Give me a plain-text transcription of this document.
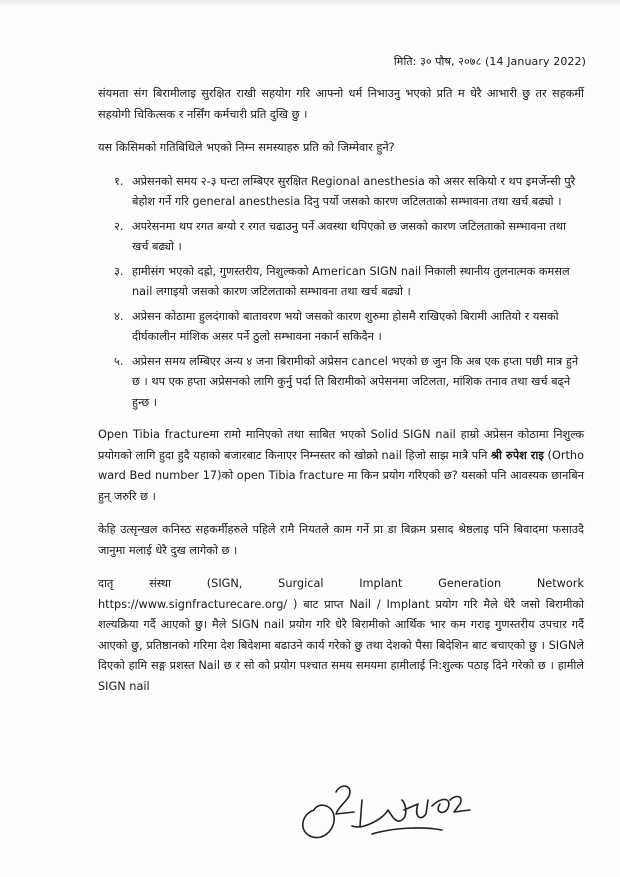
मिति: ३० पौष, २०७८ (14 January 2022)

संयमता संग बिरामीलाइ सुरक्षित राखी सहयोग गरि आफ्नो धर्म निभाउनु भएको प्रति म धेरै आभारी छु तर सहकर्मी सहयोगी चिकित्सक र नर्सिंग कर्मचारी प्रति दुखि छु ।

यस किसिमको गतिबिधिले भएको निम्न समस्याहरु प्रति को जिम्मेवार हुने?

१. अप्रेसनको समय २-३ घन्टा लम्बिएर सुरक्षित Regional anesthesia को असर सकियो र थप इमर्जेन्सी पुरै बेहोश गर्ने गरि general anesthesia दिनु पर्यो जसको कारण जटिलताको सम्भावना तथा खर्च बढ्यो ।
२. अपरेसनमा थप रगत बग्यो र रगत चढाउनु पर्ने अवस्था थपिएको छ जसको कारण जटिलताको सम्भावना तथा खर्च बढ्यो ।
३. हामीसंग भएको दह्रो, गुणस्तरीय, निशुल्कको American SIGN nail निकाली स्थानीय तुलनात्मक कमसल nail लगाइयो जसको कारण जटिलताको सम्भावना तथा खर्च बढ्यो ।
४. अप्रेसन कोठामा हुलदंगाको बातावरण भयो जसको कारण शुरुमा होसमै राखिएको बिरामी आतियो र यसको दीर्घकालीन मांशिक असर पर्ने ठुलो सम्भावना नकार्न सकिदैन ।
५. अप्रेसन समय लम्बिएर अन्य ४ जना बिरामीको अप्रेसन cancel भएको छ जुन कि अब एक हप्ता पछी मात्र हुने छ । थप एक हप्ता अप्रेसनको लागि कुर्नु पर्दा ति बिरामीको अपेसनमा जटिलता, मांशिक तनाव तथा खर्च बढ्ने हुन्छ ।

Open Tibia fractureमा रामो मानिएको तथा साबित भएको Solid SIGN nail हाम्रो अप्रेसन कोठामा निशुल्क प्रयोगको लागि हुदा हुदै यहाको बजारबाट किनाएर निम्नस्तर को खोक्रो nail हिजो साझ मात्रै पनि श्री रुपेश राइ (Ortho ward Bed number 17)को open Tibia fracture मा किन प्रयोग गरिएको छ? यसको पनि आवस्यक छानबिन हुन् जरुरि छ ।

केहि उत्सृन्खल कनिस्ठ सहकर्मीहरुले पहिले रामै नियतले काम गर्ने प्रा डा बिक्रम प्रसाद श्रेष्ठलाइ पनि बिवादमा फसाउदै जानुमा मलाई धेरै दुख लागेको छ ।

दातृ संस्था (SIGN, Surgical Implant Generation Network https://www.signfracturecare.org/ ) बाट प्राप्त Nail / Implant प्रयोग गरि मैले धेरै जसो बिरामीको शल्यक्रिया गर्दै आएको छु। मैले SIGN nail प्रयोग गरि धेरै बिरामीको आर्थिक भार कम गराइ गुणस्तरीय उपचार गर्दै आएको छु, प्रतिष्ठानको गरिमा देश बिदेशमा बढाउने कार्य गरेको छु तथा देशको पैसा बिदेशिन बाट बचाएको छु । SIGNले दिएको हामि सङ्ग प्रशस्त Nail छ र सो को प्रयोग पश्चात समय समयमा हामीलाई नि:शुल्क पठाइ दिने गरेको छ । हामीले SIGN nail
